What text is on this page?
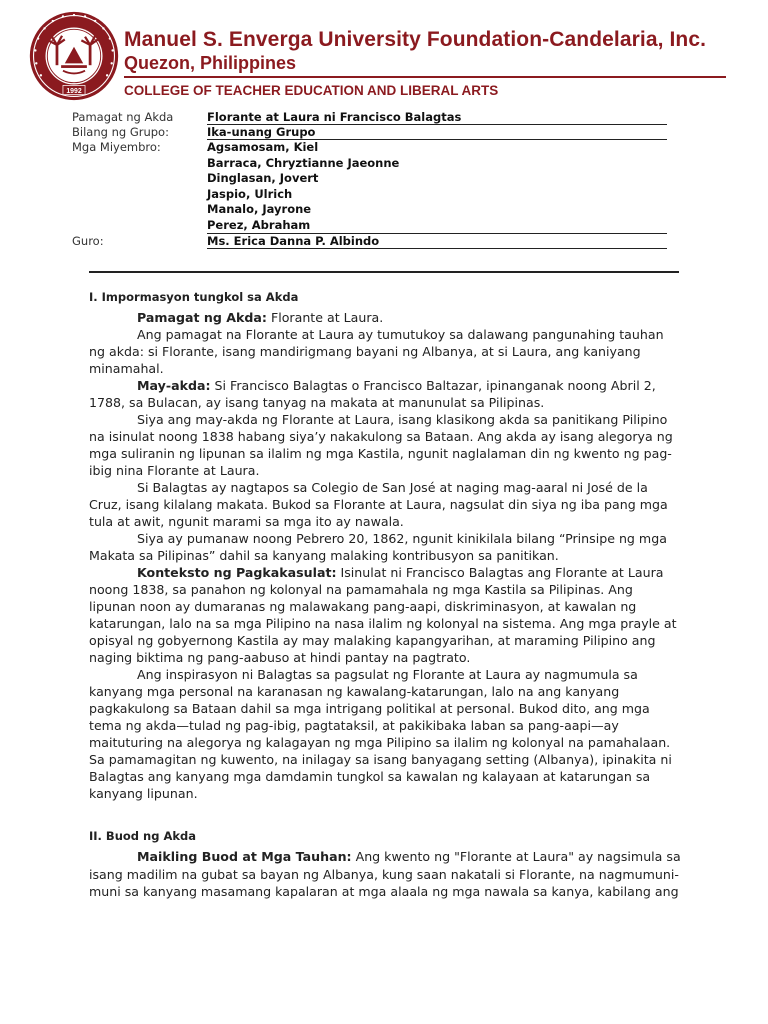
1992
Manuel S. Enverga University Foundation-Candelaria, Inc.
Quezon, Philippines
COLLEGE OF TEACHER EDUCATION AND LIBERAL ARTS
Pamagat ng Akda	Florante at Laura ni Francisco Balagtas
Bilang ng Grupo:	Ika-unang Grupo
Mga Miyembro:	Agsamosam, Kiel
Barraca, Chryztianne Jaeonne
Dinglasan, Jovert
Jaspio, Ulrich
Manalo, Jayrone
Perez, Abraham
Guro:	Ms. Erica Danna P. Albindo
I. Impormasyon tungkol sa Akda

Pamagat ng Akda: Florante at Laura.

Ang pamagat na Florante at Laura ay tumutukoy sa dalawang pangunahing tauhan ng akda: si Florante, isang mandirigmang bayani ng Albanya, at si Laura, ang kaniyang minamahal.

May-akda: Si Francisco Balagtas o Francisco Baltazar, ipinanganak noong Abril 2, 1788, sa Bulacan, ay isang tanyag na makata at manunulat sa Pilipinas.

Siya ang may-akda ng Florante at Laura, isang klasikong akda sa panitikang Pilipino na isinulat noong 1838 habang siya’y nakakulong sa Bataan. Ang akda ay isang alegorya ng mga suliranin ng lipunan sa ilalim ng mga Kastila, ngunit naglalaman din ng kwento ng pag-ibig nina Florante at Laura.

Si Balagtas ay nagtapos sa Colegio de San José at naging mag-aaral ni José de la Cruz, isang kilalang makata. Bukod sa Florante at Laura, nagsulat din siya ng iba pang mga tula at awit, ngunit marami sa mga ito ay nawala.

Siya ay pumanaw noong Pebrero 20, 1862, ngunit kinikilala bilang “Prinsipe ng mga Makata sa Pilipinas” dahil sa kanyang malaking kontribusyon sa panitikan.

Konteksto ng Pagkakasulat: Isinulat ni Francisco Balagtas ang Florante at Laura noong 1838, sa panahon ng kolonyal na pamamahala ng mga Kastila sa Pilipinas. Ang lipunan noon ay dumaranas ng malawakang pang-aapi, diskriminasyon, at kawalan ng katarungan, lalo na sa mga Pilipino na nasa ilalim ng kolonyal na sistema. Ang mga prayle at opisyal ng gobyernong Kastila ay may malaking kapangyarihan, at maraming Pilipino ang naging biktima ng pang-aabuso at hindi pantay na pagtrato.

Ang inspirasyon ni Balagtas sa pagsulat ng Florante at Laura ay nagmumula sa kanyang mga personal na karanasan ng kawalang-katarungan, lalo na ang kanyang pagkakulong sa Bataan dahil sa mga intrigang politikal at personal. Bukod dito, ang mga tema ng akda—tulad ng pag-ibig, pagtataksil, at pakikibaka laban sa pang-aapi—ay maituturing na alegorya ng kalagayan ng mga Pilipino sa ilalim ng kolonyal na pamahalaan. Sa pamamagitan ng kuwento, na inilagay sa isang banyagang setting (Albanya), ipinakita ni Balagtas ang kanyang mga damdamin tungkol sa kawalan ng kalayaan at katarungan sa kanyang lipunan.

II. Buod ng Akda

Maikling Buod at Mga Tauhan: Ang kwento ng "Florante at Laura" ay nagsimula sa isang madilim na gubat sa bayan ng Albanya, kung saan nakatali si Florante, na nagmumuni-muni sa kanyang masamang kapalaran at mga alaala ng mga nawala sa kanya, kabilang ang
